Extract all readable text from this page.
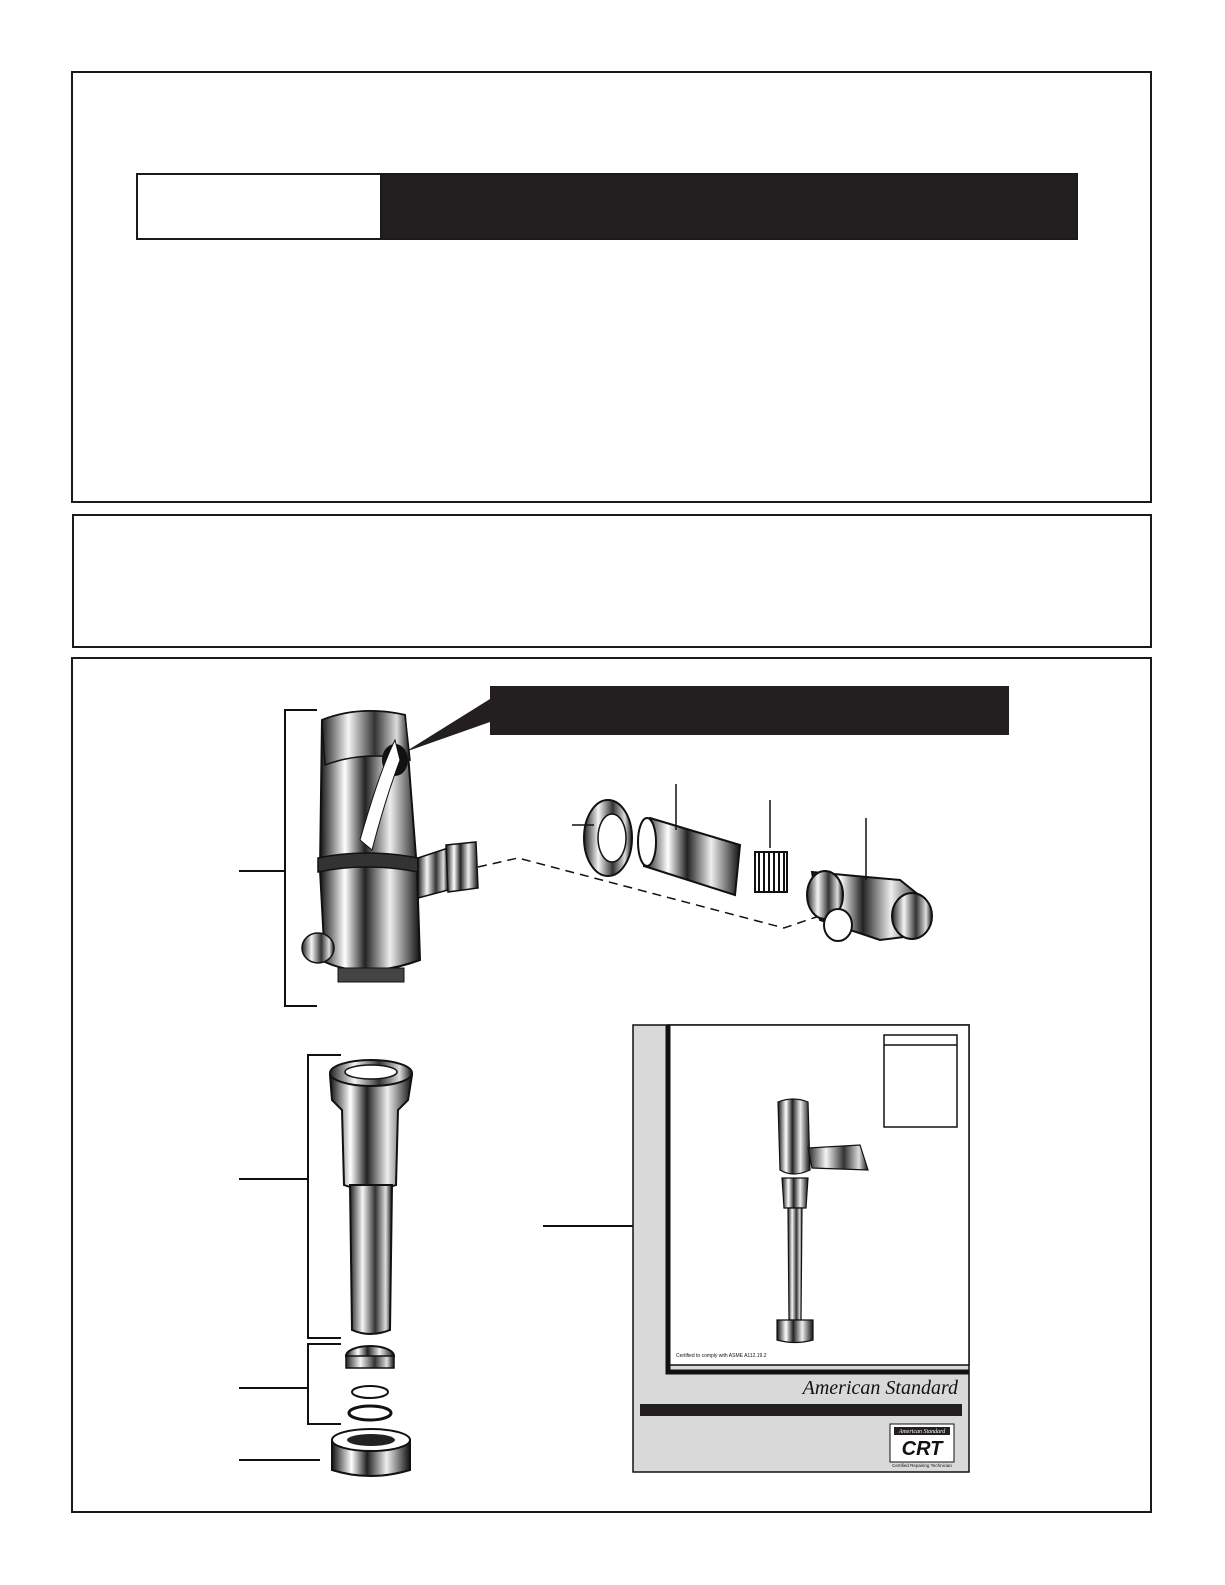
CRT
American Standard
Certified Repairing Technician
Certified to comply with ASME A112.19.2
American Standard
